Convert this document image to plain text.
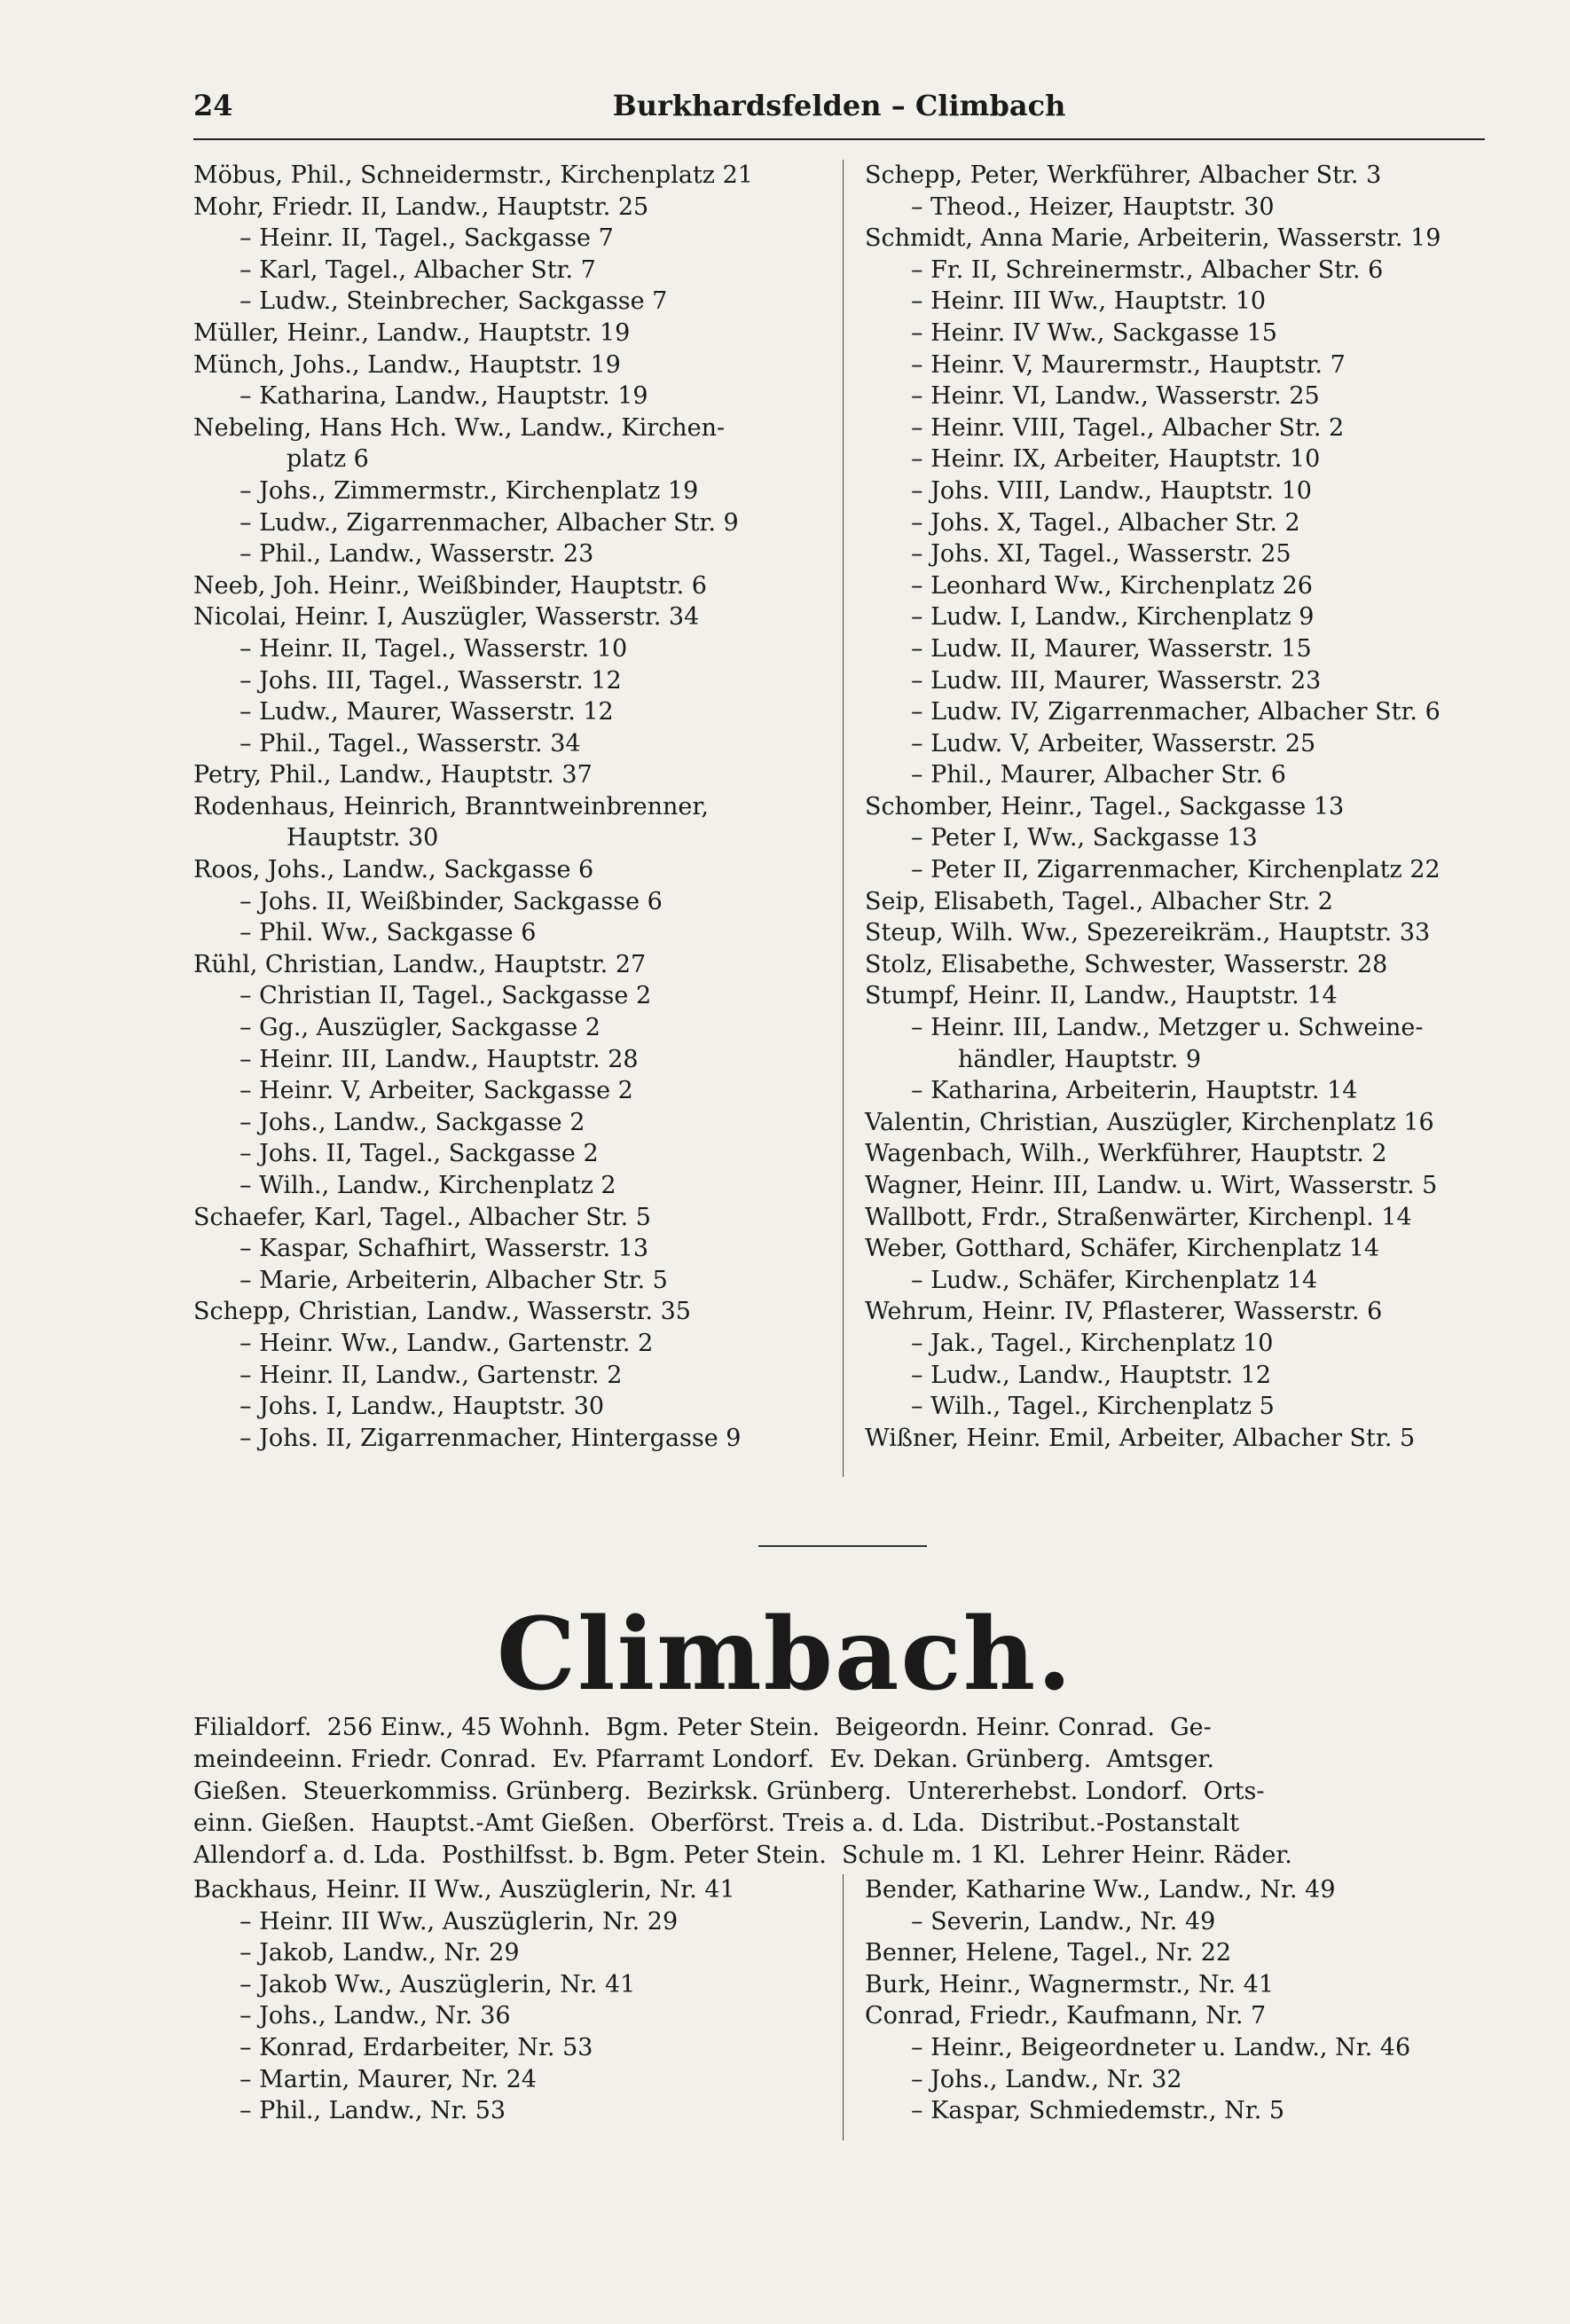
24	Burkhardsfelden – Climbach
Möbus, Phil., Schneidermstr., Kirchenplatz 21
Mohr, Friedr. II, Landw., Hauptstr. 25
– Heinr. II, Tagel., Sackgasse 7
– Karl, Tagel., Albacher Str. 7
– Ludw., Steinbrecher, Sackgasse 7
Müller, Heinr., Landw., Hauptstr. 19
Münch, Johs., Landw., Hauptstr. 19
– Katharina, Landw., Hauptstr. 19
Nebeling, Hans Hch. Ww., Landw., Kirchen-
platz 6
– Johs., Zimmermstr., Kirchenplatz 19
– Ludw., Zigarrenmacher, Albacher Str. 9
– Phil., Landw., Wasserstr. 23
Neeb, Joh. Heinr., Weißbinder, Hauptstr. 6
Nicolai, Heinr. I, Auszügler, Wasserstr. 34
– Heinr. II, Tagel., Wasserstr. 10
– Johs. III, Tagel., Wasserstr. 12
– Ludw., Maurer, Wasserstr. 12
– Phil., Tagel., Wasserstr. 34
Petry, Phil., Landw., Hauptstr. 37
Rodenhaus, Heinrich, Branntweinbrenner,
Hauptstr. 30
Roos, Johs., Landw., Sackgasse 6
– Johs. II, Weißbinder, Sackgasse 6
– Phil. Ww., Sackgasse 6
Rühl, Christian, Landw., Hauptstr. 27
– Christian II, Tagel., Sackgasse 2
– Gg., Auszügler, Sackgasse 2
– Heinr. III, Landw., Hauptstr. 28
– Heinr. V, Arbeiter, Sackgasse 2
– Johs., Landw., Sackgasse 2
– Johs. II, Tagel., Sackgasse 2
– Wilh., Landw., Kirchenplatz 2
Schaefer, Karl, Tagel., Albacher Str. 5
– Kaspar, Schafhirt, Wasserstr. 13
– Marie, Arbeiterin, Albacher Str. 5
Schepp, Christian, Landw., Wasserstr. 35
– Heinr. Ww., Landw., Gartenstr. 2
– Heinr. II, Landw., Gartenstr. 2
– Johs. I, Landw., Hauptstr. 30
– Johs. II, Zigarrenmacher, Hintergasse 9
Schepp, Peter, Werkführer, Albacher Str. 3
– Theod., Heizer, Hauptstr. 30
Schmidt, Anna Marie, Arbeiterin, Wasserstr. 19
– Fr. II, Schreinermstr., Albacher Str. 6
– Heinr. III Ww., Hauptstr. 10
– Heinr. IV Ww., Sackgasse 15
– Heinr. V, Maurermstr., Hauptstr. 7
– Heinr. VI, Landw., Wasserstr. 25
– Heinr. VIII, Tagel., Albacher Str. 2
– Heinr. IX, Arbeiter, Hauptstr. 10
– Johs. VIII, Landw., Hauptstr. 10
– Johs. X, Tagel., Albacher Str. 2
– Johs. XI, Tagel., Wasserstr. 25
– Leonhard Ww., Kirchenplatz 26
– Ludw. I, Landw., Kirchenplatz 9
– Ludw. II, Maurer, Wasserstr. 15
– Ludw. III, Maurer, Wasserstr. 23
– Ludw. IV, Zigarrenmacher, Albacher Str. 6
– Ludw. V, Arbeiter, Wasserstr. 25
– Phil., Maurer, Albacher Str. 6
Schomber, Heinr., Tagel., Sackgasse 13
– Peter I, Ww., Sackgasse 13
– Peter II, Zigarrenmacher, Kirchenplatz 22
Seip, Elisabeth, Tagel., Albacher Str. 2
Steup, Wilh. Ww., Spezereikräm., Hauptstr. 33
Stolz, Elisabethe, Schwester, Wasserstr. 28
Stumpf, Heinr. II, Landw., Hauptstr. 14
– Heinr. III, Landw., Metzger u. Schweine-
händler, Hauptstr. 9
– Katharina, Arbeiterin, Hauptstr. 14
Valentin, Christian, Auszügler, Kirchenplatz 16
Wagenbach, Wilh., Werkführer, Hauptstr. 2
Wagner, Heinr. III, Landw. u. Wirt, Wasserstr. 5
Wallbott, Frdr., Straßenwärter, Kirchenpl. 14
Weber, Gotthard, Schäfer, Kirchenplatz 14
– Ludw., Schäfer, Kirchenplatz 14
Wehrum, Heinr. IV, Pflasterer, Wasserstr. 6
– Jak., Tagel., Kirchenplatz 10
– Ludw., Landw., Hauptstr. 12
– Wilh., Tagel., Kirchenplatz 5
Wißner, Heinr. Emil, Arbeiter, Albacher Str. 5
Climbach.
Filialdorf.  256 Einw., 45 Wohnh.  Bgm. Peter Stein.  Beigeordn. Heinr. Conrad.  Ge-
meindeeinn. Friedr. Conrad.  Ev. Pfarramt Londorf.  Ev. Dekan. Grünberg.  Amtsger.
Gießen.  Steuerkommiss. Grünberg.  Bezirksk. Grünberg.  Untererhebst. Londorf.  Orts-
einn. Gießen.  Hauptst.-Amt Gießen.  Oberförst. Treis a. d. Lda.  Distribut.-Postanstalt
Allendorf a. d. Lda.  Posthilfsst. b. Bgm. Peter Stein.  Schule m. 1 Kl.  Lehrer Heinr. Räder.
Backhaus, Heinr. II Ww., Auszüglerin, Nr. 41
– Heinr. III Ww., Auszüglerin, Nr. 29
– Jakob, Landw., Nr. 29
– Jakob Ww., Auszüglerin, Nr. 41
– Johs., Landw., Nr. 36
– Konrad, Erdarbeiter, Nr. 53
– Martin, Maurer, Nr. 24
– Phil., Landw., Nr. 53
Bender, Katharine Ww., Landw., Nr. 49
– Severin, Landw., Nr. 49
Benner, Helene, Tagel., Nr. 22
Burk, Heinr., Wagnermstr., Nr. 41
Conrad, Friedr., Kaufmann, Nr. 7
– Heinr., Beigeordneter u. Landw., Nr. 46
– Johs., Landw., Nr. 32
– Kaspar, Schmiedemstr., Nr. 5
